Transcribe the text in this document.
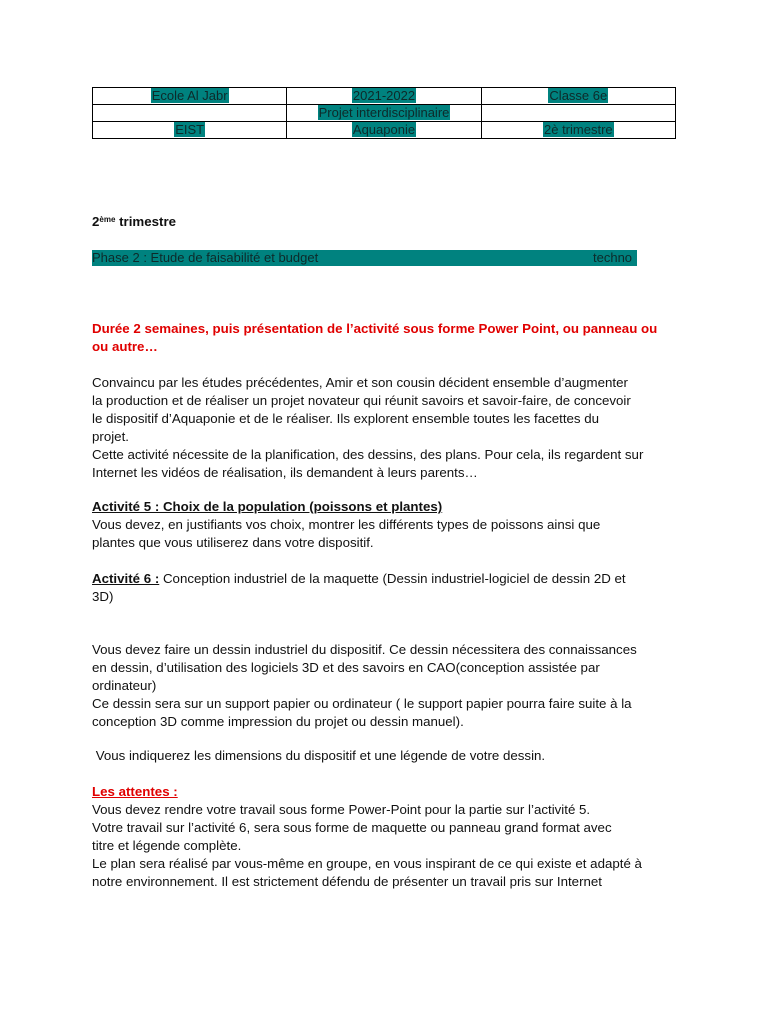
Ecole Al Jabr	2021-2022	Classe 6e
	Projet interdisciplinaire	
EIST	Aquaponie	2è trimestre
2ème trimestre
Phase 2 : Etude de faisabilité et budget	techno
Durée 2 semaines, puis présentation de l’activité sous forme Power Point, ou panneau ou ou autre…

Convaincu par les études précédentes, Amir et son cousin décident ensemble d’augmenter

la production et de réaliser un projet novateur qui réunit savoirs et savoir-faire, de concevoir

le dispositif d’Aquaponie et de le réaliser. Ils explorent ensemble toutes les facettes du

projet.

Cette activité nécessite de la planification, des dessins, des plans. Pour cela, ils regardent sur

Internet les vidéos de réalisation, ils demandent à leurs parents…

Activité 5 : Choix de la population (poissons et plantes)

Vous devez, en justifiants vos choix, montrer les différents types de poissons ainsi que

plantes que vous utiliserez dans votre dispositif.

Activité 6 : Conception industriel de la maquette (Dessin industriel-logiciel de dessin 2D et

3D)

Vous devez faire un dessin industriel du dispositif. Ce dessin nécessitera des connaissances

en dessin, d’utilisation des logiciels 3D et des savoirs en CAO(conception assistée par

ordinateur)

Ce dessin sera sur un support papier ou ordinateur ( le support papier pourra faire suite à la

conception 3D comme impression du projet ou dessin manuel).

Vous indiquerez les dimensions du dispositif et une légende de votre dessin.

Les attentes :

Vous devez rendre votre travail sous forme Power-Point pour la partie sur l’activité 5.

Votre travail sur l’activité 6, sera sous forme de maquette ou panneau grand format avec

titre et légende complète.

Le plan sera réalisé par vous-même en groupe, en vous inspirant de ce qui existe et adapté à

notre environnement. Il est strictement défendu de présenter un travail pris sur Internet
